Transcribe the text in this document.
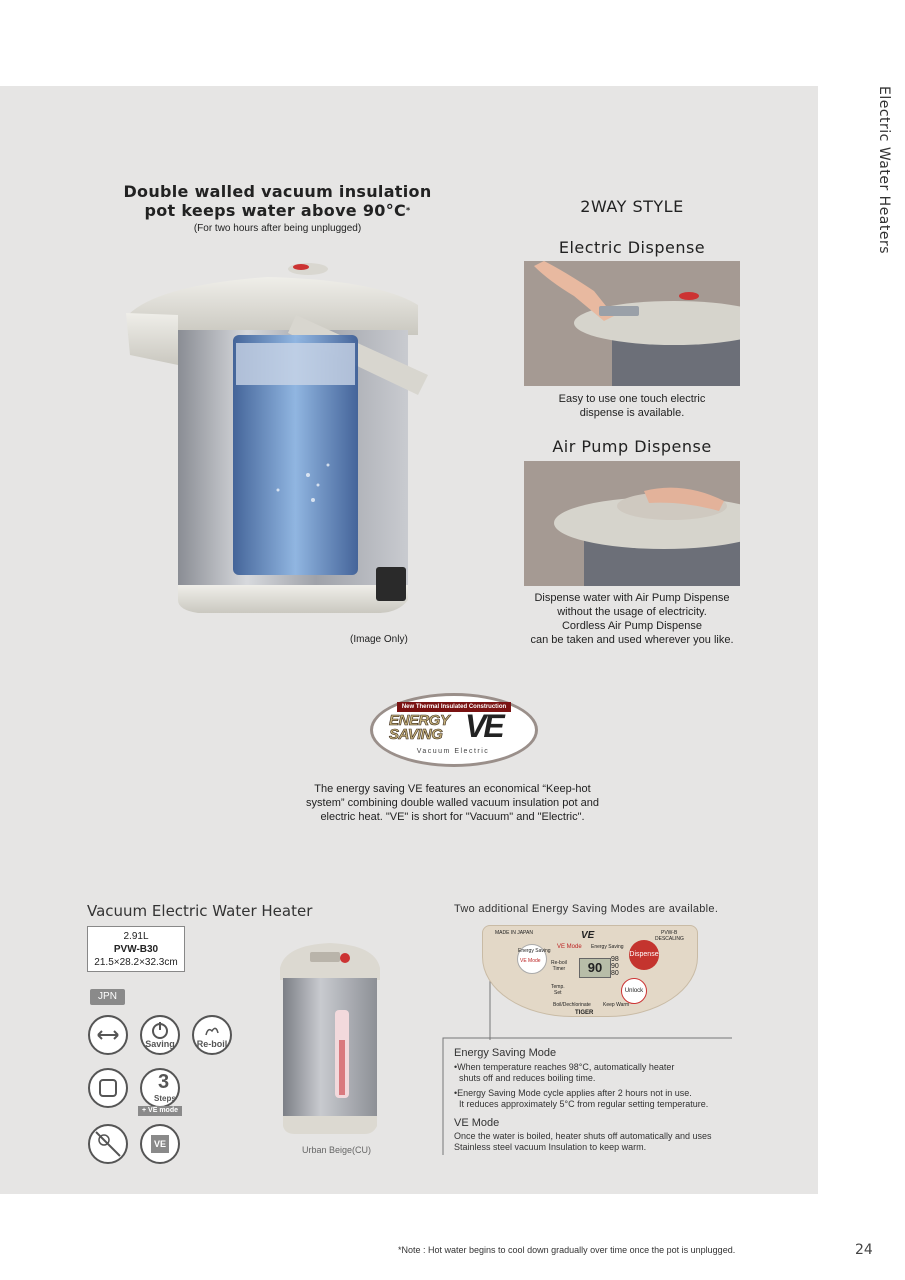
Electric Water Heaters
Double walled vacuum insulation
pot keeps water above 90°C*
(For two hours after being unplugged)
(Image Only)
2WAY STYLE
Electric Dispense
Easy to use one touch electric
dispense is available.
Air Pump Dispense
Dispense water with Air Pump Dispense
without the usage of electricity.
Cordless Air Pump Dispense
can be taken and used wherever you like.
New Thermal Insulated Construction
ENERGY
SAVING VE
Vacuum Electric
The energy saving VE features an economical “Keep-hot
system” combining double walled vacuum insulation pot and
electric heat. "VE" is short for "Vacuum" and "Electric".
Vacuum Electric Water Heater
2.91L
PVW-B30
21.5×28.2×32.3cm
JPN
Saving	Re-boil
3
Steps
+ VE mode
VE
Urban Beige(CU)
Two additional Energy Saving Modes are available.
MADE IN JAPAN	PVW-B
DESCALING
VE
Energy Saving
VE Mode
VE Mode Energy Saving
Re-boil
Timer	90
98
90
80
Dispense
Temp.
Set	Unlock
Boil/Dechlorinate Keep Warm
TIGER
Energy Saving Mode
•When temperature reaches 98°C, automatically heater
shuts off and reduces boiling time.
•Energy Saving Mode cycle applies after 2 hours not in use.
It reduces approximately 5°C from regular setting temperature.
VE Mode
Once the water is boiled, heater shuts off automatically and uses
Stainless steel vacuum Insulation to keep warm.
*Note : Hot water begins to cool down gradually over time once the pot is unplugged.	24
